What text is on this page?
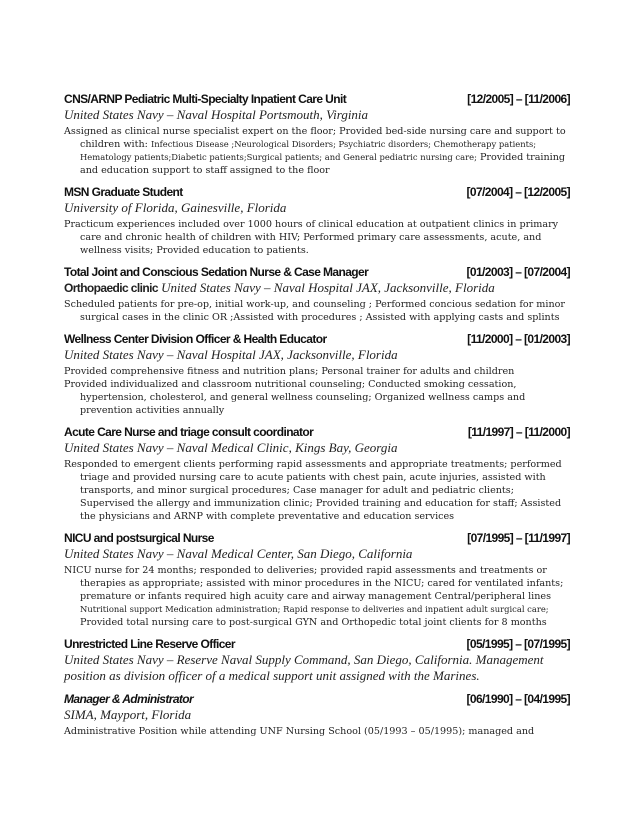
CNS/ARNP Pediatric Multi-Specialty Inpatient Care Unit	[12/2005] – [11/2006]
United States Navy – Naval Hospital Portsmouth, Virginia

Assigned as clinical nurse specialist expert on the floor; Provided bed-side nursing care and support to children with: Infectious Disease ;Neurological Disorders; Psychiatric disorders; Chemotherapy patients; Hematology patients;Diabetic patients;Surgical patients; and General pediatric nursing care; Provided training and education support to staff assigned to the floor

MSN Graduate Student	[07/2004] – [12/2005]
University of Florida, Gainesville, Florida

Practicum experiences included over 1000 hours of clinical education at outpatient clinics in primary care and chronic health of children with HIV; Performed primary care assessments, acute, and wellness visits; Provided education to patients.

Total Joint and Conscious Sedation Nurse & Case Manager	[01/2003] – [07/2004]
Orthopaedic clinic United States Navy – Naval Hospital JAX, Jacksonville, Florida

Scheduled patients for pre-op, initial work-up, and counseling ; Performed concious sedation for minor surgical cases in the clinic OR ;Assisted with procedures ; Assisted with applying casts and splints

Wellness Center Division Officer & Health Educator	[11/2000] – [01/2003]
United States Navy – Naval Hospital JAX, Jacksonville, Florida

Provided comprehensive fitness and nutrition plans; Personal trainer for adults and children

Provided individualized and classroom nutritional counseling; Conducted smoking cessation, hypertension, cholesterol, and general wellness counseling; Organized wellness camps and prevention activities annually

Acute Care Nurse and triage consult coordinator	[11/1997] – [11/2000]
United States Navy – Naval Medical Clinic, Kings Bay, Georgia

Responded to emergent clients performing rapid assessments and appropriate treatments; performed triage and provided nursing care to acute patients with chest pain, acute injuries, assisted with transports, and minor surgical procedures; Case manager for adult and pediatric clients; Supervised the allergy and immunization clinic; Provided training and education for staff; Assisted the physicians and ARNP with complete preventative and education services

NICU and postsurgical Nurse	[07/1995] – [11/1997]
United States Navy – Naval Medical Center, San Diego, California

NICU nurse for 24 months; responded to deliveries; provided rapid assessments and treatments or therapies as appropriate; assisted with minor procedures in the NICU; cared for ventilated infants; premature or infants required high acuity care and airway management Central/peripheral lines Nutritional support Medication administration; Rapid response to deliveries and inpatient adult surgical care; Provided total nursing care to post-surgical GYN and Orthopedic total joint clients for 8 months

Unrestricted Line Reserve Officer	[05/1995] – [07/1995]
United States Navy – Reserve Naval Supply Command, San Diego, California. Management
position as division officer of a medical support unit assigned with the Marines.
Manager & Administrator	[06/1990] – [04/1995]
SIMA, Mayport, Florida

Administrative Position while attending UNF Nursing School (05/1993 – 05/1995); managed and
